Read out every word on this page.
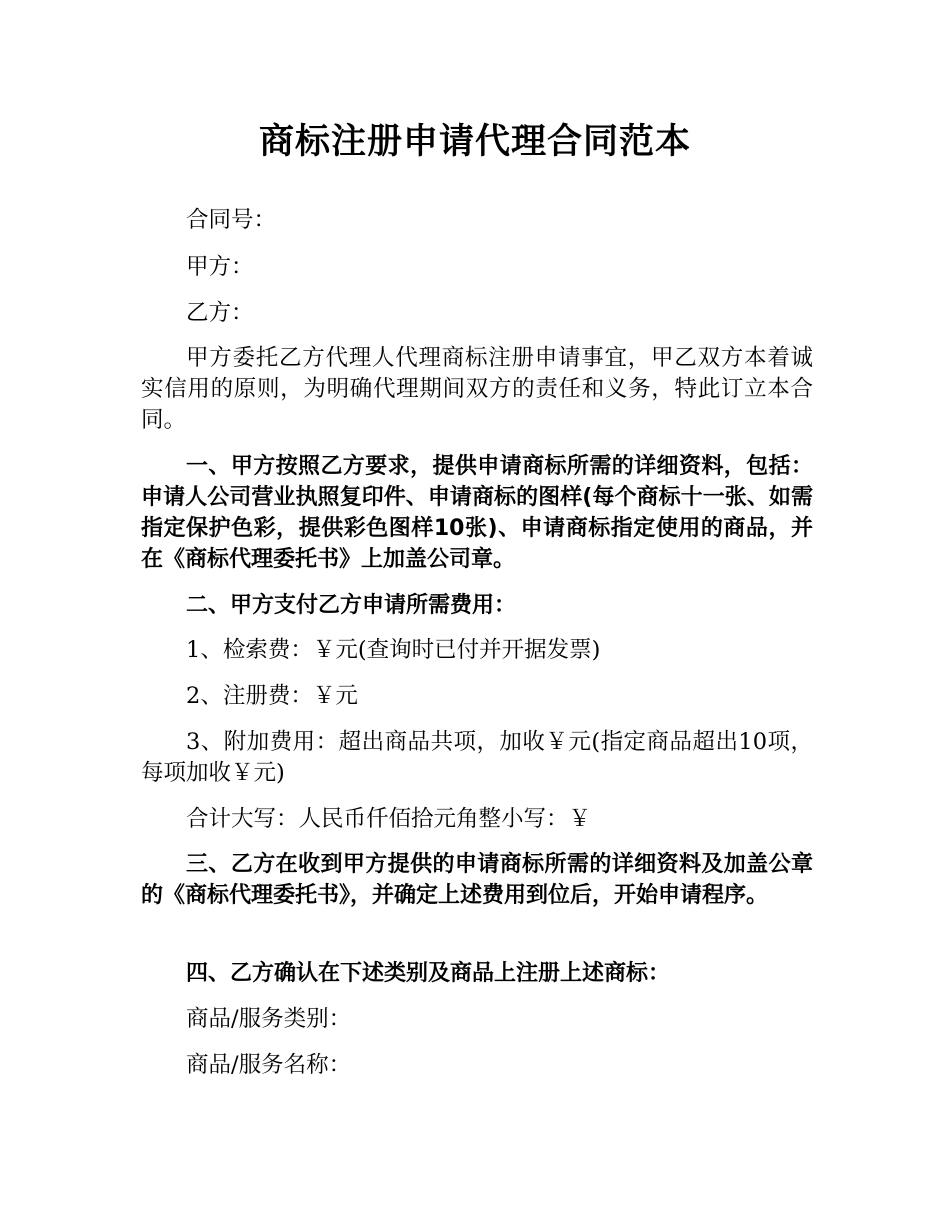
商标注册申请代理合同范本

合同号：

甲方：

乙方：

甲方委托乙方代理人代理商标注册申请事宜，甲乙双方本着诚实信用的原则，为明确代理期间双方的责任和义务，特此订立本合同。

一、甲方按照乙方要求，提供申请商标所需的详细资料，包括：申请人公司营业执照复印件、申请商标的图样(每个商标十一张、如需指定保护色彩，提供彩色图样10张)、申请商标指定使用的商品，并在《商标代理委托书》上加盖公司章。

二、甲方支付乙方申请所需费用：

1、检索费：￥元(查询时已付并开据发票)

2、注册费：￥元

3、附加费用：超出商品共项，加收￥元(指定商品超出10项，每项加收￥元)

合计大写：人民币仟佰拾元角整小写：￥

三、乙方在收到甲方提供的申请商标所需的详细资料及加盖公章的《商标代理委托书》，并确定上述费用到位后，开始申请程序。

四、乙方确认在下述类别及商品上注册上述商标：

商品/服务类别：

商品/服务名称：
